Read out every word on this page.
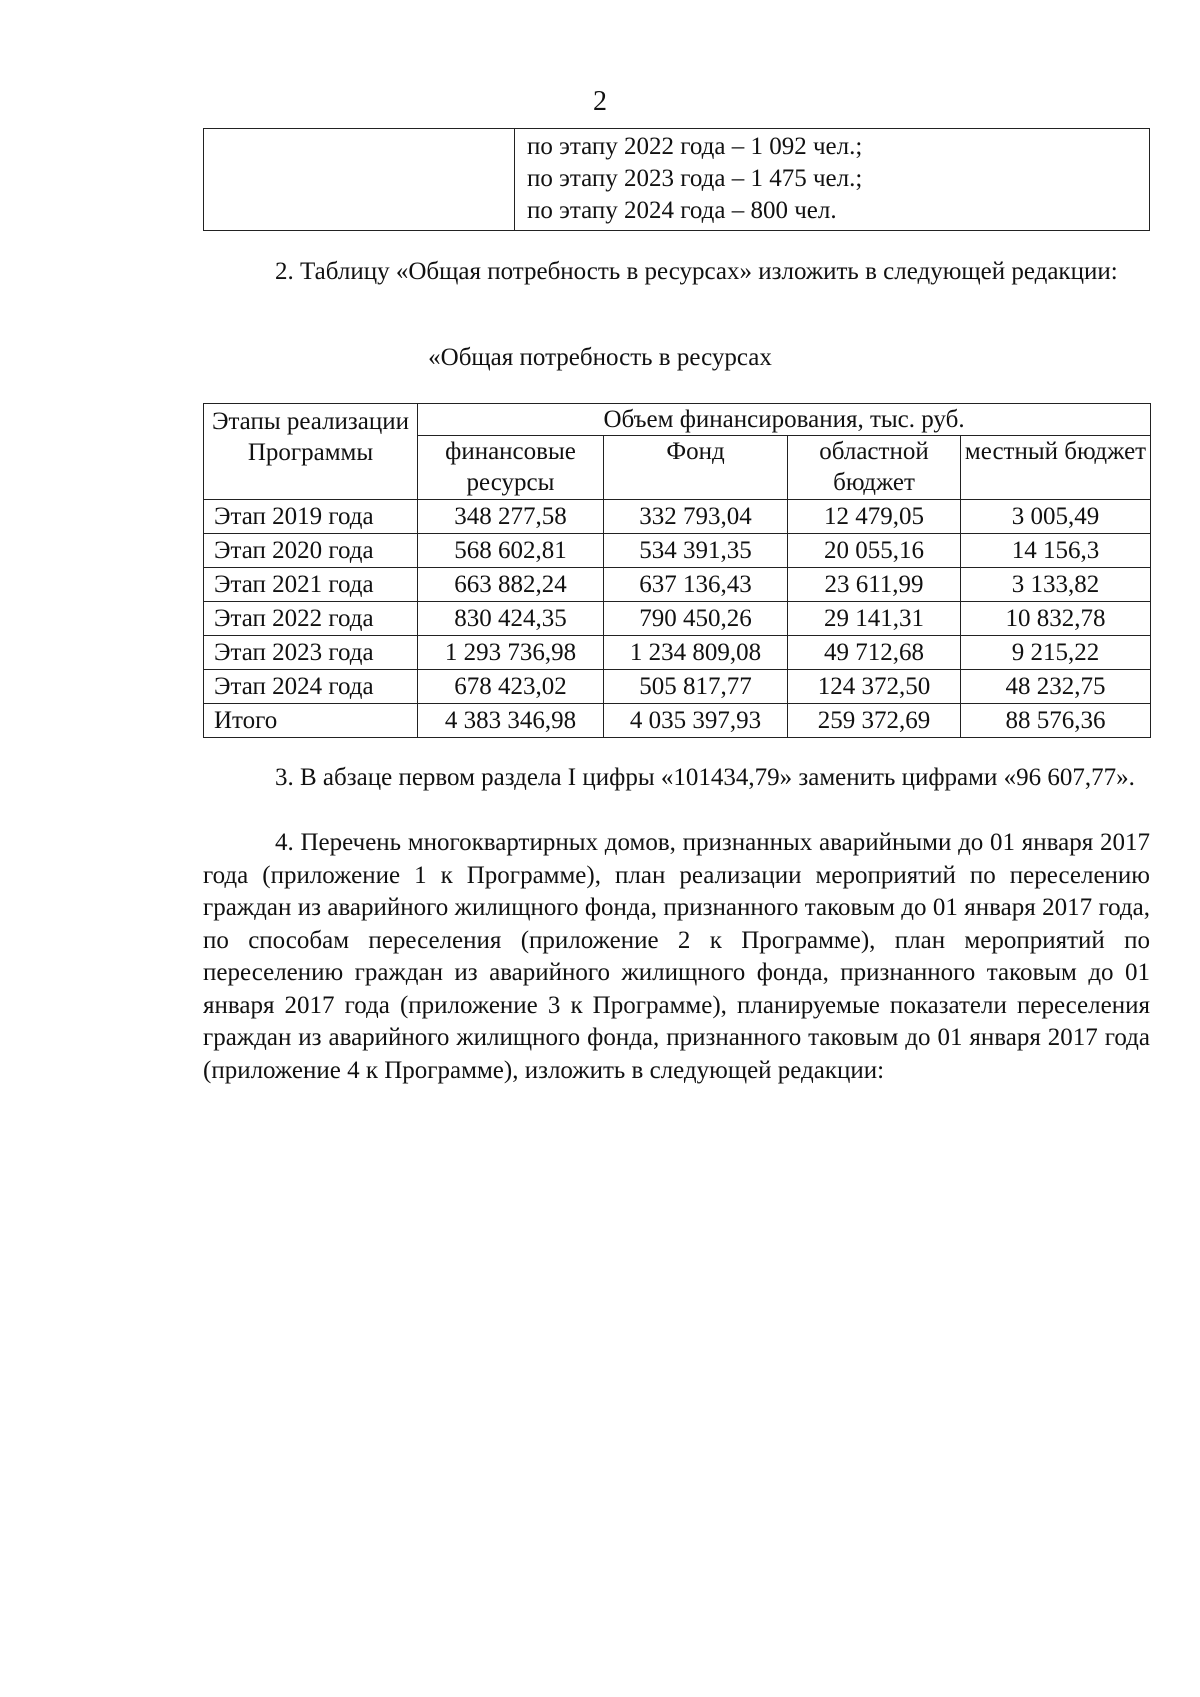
2

по этапу 2022 года – 1 092 чел.;
по этапу 2023 года – 1 475 чел.;
по этапу 2024 года – 800 чел.

2. Таблицу «Общая потребность в ресурсах» изложить в следующей редакции:

«Общая потребность в ресурсах
Этапы реализации Программы	Объем финансирования, тыс. руб.			
	финансовые ресурсы	Фонд	областной бюджет	местный бюджет
Этап 2019 года	348 277,58	332 793,04	12 479,05	3 005,49
Этап 2020 года	568 602,81	534 391,35	20 055,16	14 156,3
Этап 2021 года	663 882,24	637 136,43	23 611,99	3 133,82
Этап 2022 года	830 424,35	790 450,26	29 141,31	10 832,78
Этап 2023 года	1 293 736,98	1 234 809,08	49 712,68	9 215,22
Этап 2024 года	678 423,02	505 817,77	124 372,50	48 232,75
Итого	4 383 346,98	4 035 397,93	259 372,69	88 576,36

3. В абзаце первом раздела I цифры «101434,79» заменить цифрами «96 607,77».

4. Перечень многоквартирных домов, признанных аварийными до 01 января 2017 года (приложение 1 к Программе), план реализации мероприятий по переселению граждан из аварийного жилищного фонда, признанного таковым до 01 января 2017 года, по способам переселения (приложение 2 к Программе), план мероприятий по переселению граждан из аварийного жилищного фонда, признанного таковым до 01 января 2017 года (приложение 3 к Программе), планируемые показатели переселения граждан из аварийного жилищного фонда, признанного таковым до 01 января 2017 года (приложение 4 к Программе), изложить в следующей редакции:
